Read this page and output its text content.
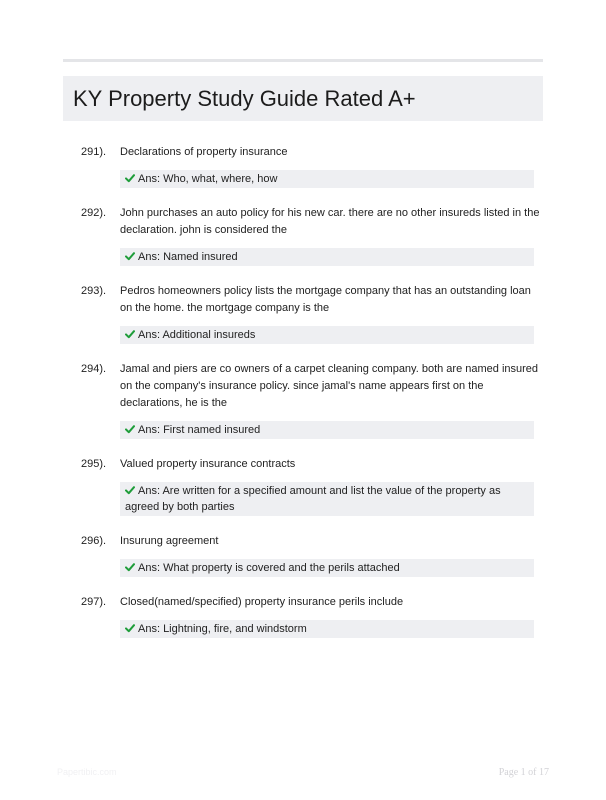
KY Property Study Guide Rated A+
291). Declarations of property insurance
Ans: Who, what, where, how
292). John purchases an auto policy for his new car. there are no other insureds listed in the declaration. john is considered the
Ans: Named insured
293). Pedros homeowners policy lists the mortgage company that has an outstanding loan on the home. the mortgage company is the
Ans: Additional insureds
294). Jamal and piers are co owners of a carpet cleaning company. both are named insured on the company's insurance policy. since jamal's name appears first on the declarations, he is the
Ans: First named insured
295). Valued property insurance contracts
Ans: Are written for a specified amount and list the value of the property as agreed by both parties
296). Insurung agreement
Ans: What property is covered and the perils attached
297). Closed(named/specified) property insurance perils include
Ans: Lightning, fire, and windstorm
Papertibic.com	Page 1 of 17
